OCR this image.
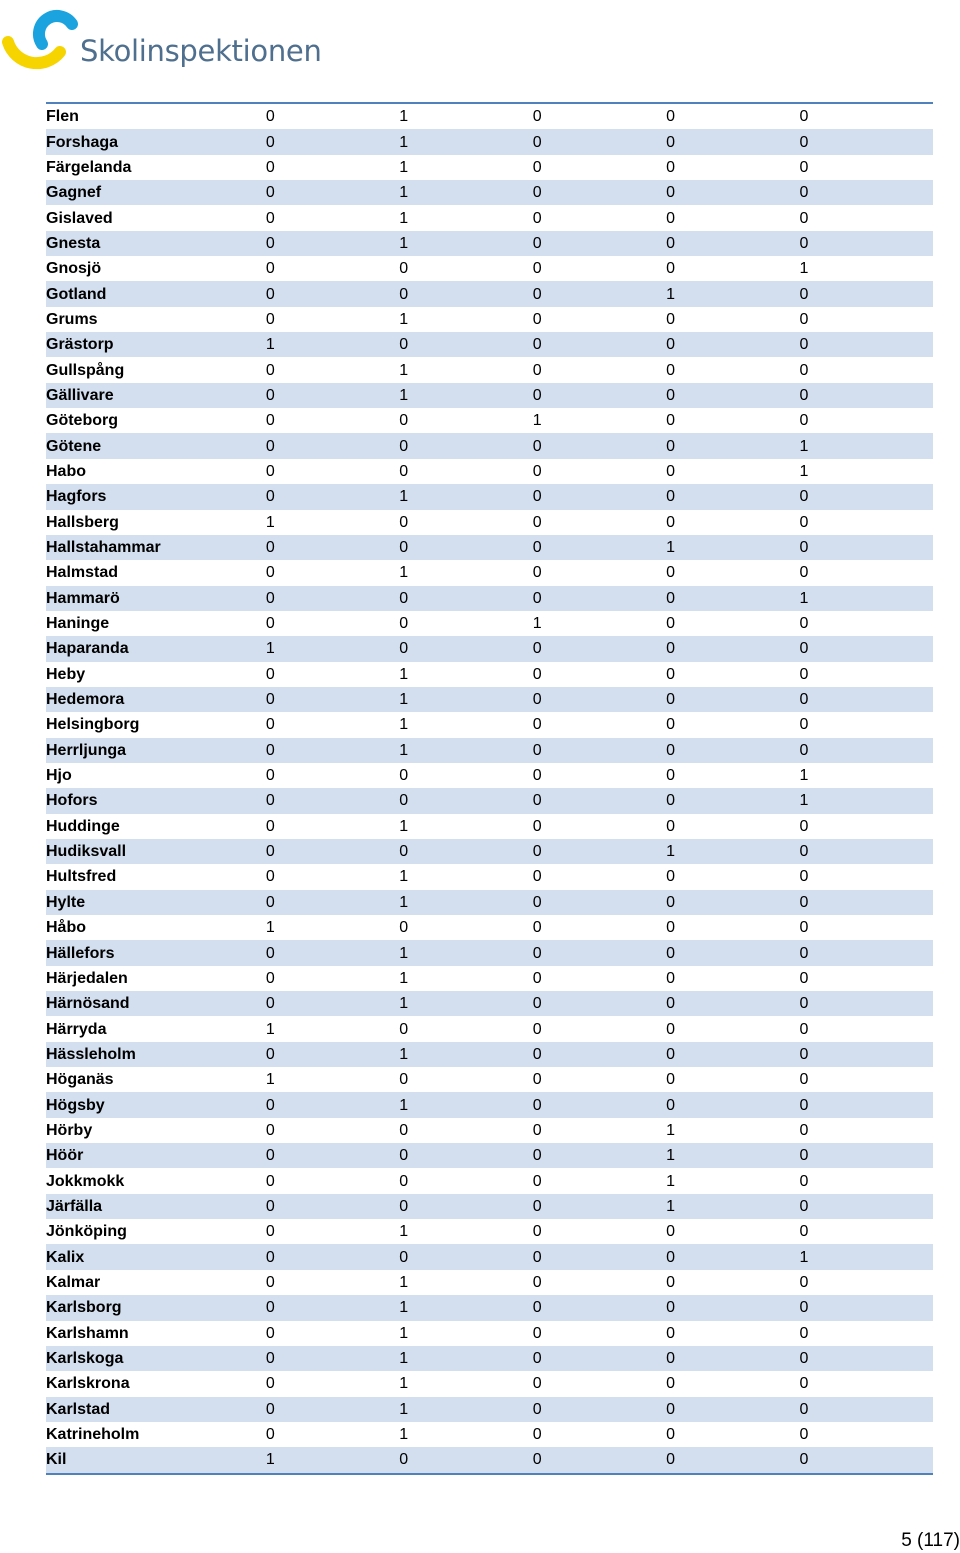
Skolinspektionen
Flen	0	1	0	0	0
Forshaga	0	1	0	0	0
Färgelanda	0	1	0	0	0
Gagnef	0	1	0	0	0
Gislaved	0	1	0	0	0
Gnesta	0	1	0	0	0
Gnosjö	0	0	0	0	1
Gotland	0	0	0	1	0
Grums	0	1	0	0	0
Grästorp	1	0	0	0	0
Gullspång	0	1	0	0	0
Gällivare	0	1	0	0	0
Göteborg	0	0	1	0	0
Götene	0	0	0	0	1
Habo	0	0	0	0	1
Hagfors	0	1	0	0	0
Hallsberg	1	0	0	0	0
Hallstahammar	0	0	0	1	0
Halmstad	0	1	0	0	0
Hammarö	0	0	0	0	1
Haninge	0	0	1	0	0
Haparanda	1	0	0	0	0
Heby	0	1	0	0	0
Hedemora	0	1	0	0	0
Helsingborg	0	1	0	0	0
Herrljunga	0	1	0	0	0
Hjo	0	0	0	0	1
Hofors	0	0	0	0	1
Huddinge	0	1	0	0	0
Hudiksvall	0	0	0	1	0
Hultsfred	0	1	0	0	0
Hylte	0	1	0	0	0
Håbo	1	0	0	0	0
Hällefors	0	1	0	0	0
Härjedalen	0	1	0	0	0
Härnösand	0	1	0	0	0
Härryda	1	0	0	0	0
Hässleholm	0	1	0	0	0
Höganäs	1	0	0	0	0
Högsby	0	1	0	0	0
Hörby	0	0	0	1	0
Höör	0	0	0	1	0
Jokkmokk	0	0	0	1	0
Järfälla	0	0	0	1	0
Jönköping	0	1	0	0	0
Kalix	0	0	0	0	1
Kalmar	0	1	0	0	0
Karlsborg	0	1	0	0	0
Karlshamn	0	1	0	0	0
Karlskoga	0	1	0	0	0
Karlskrona	0	1	0	0	0
Karlstad	0	1	0	0	0
Katrineholm	0	1	0	0	0
Kil	1	0	0	0	0
5 (117)
